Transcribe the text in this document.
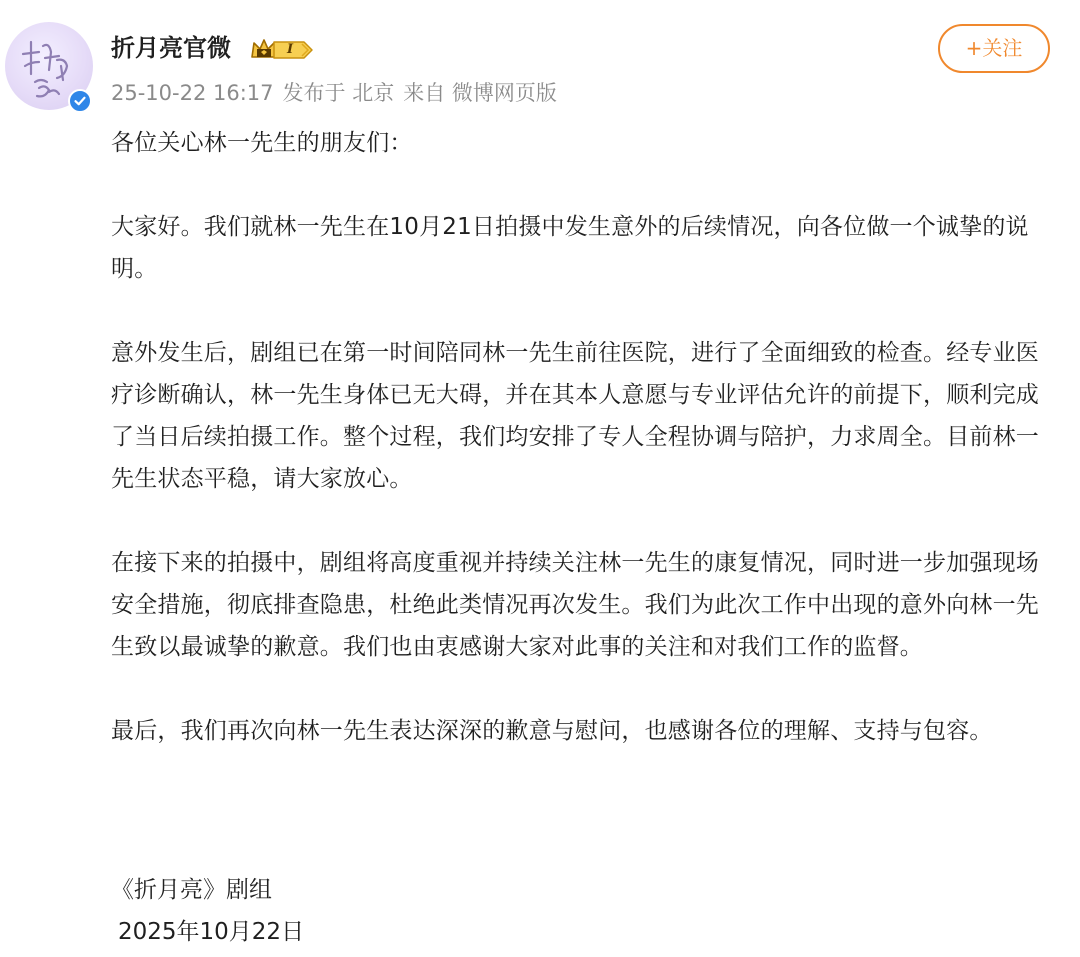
折月亮官微	I
25-10-22 16:17 发布于 北京 来自 微博网页版
+关注

各位关心林一先生的朋友们：

大家好。我们就林一先生在10月21日拍摄中发生意外的后续情况，向各位做一个诚挚的说明。

意外发生后，剧组已在第一时间陪同林一先生前往医院，进行了全面细致的检查。经专业医疗诊断确认，林一先生身体已无大碍，并在其本人意愿与专业评估允许的前提下，顺利完成了当日后续拍摄工作。整个过程，我们均安排了专人全程协调与陪护，力求周全。目前林一先生状态平稳，请大家放心。

在接下来的拍摄中，剧组将高度重视并持续关注林一先生的康复情况，同时进一步加强现场安全措施，彻底排查隐患，杜绝此类情况再次发生。我们为此次工作中出现的意外向林一先生致以最诚挚的歉意。我们也由衷感谢大家对此事的关注和对我们工作的监督。

最后，我们再次向林一先生表达深深的歉意与慰问，也感谢各位的理解、支持与包容。

《折月亮》剧组
2025年10月22日
